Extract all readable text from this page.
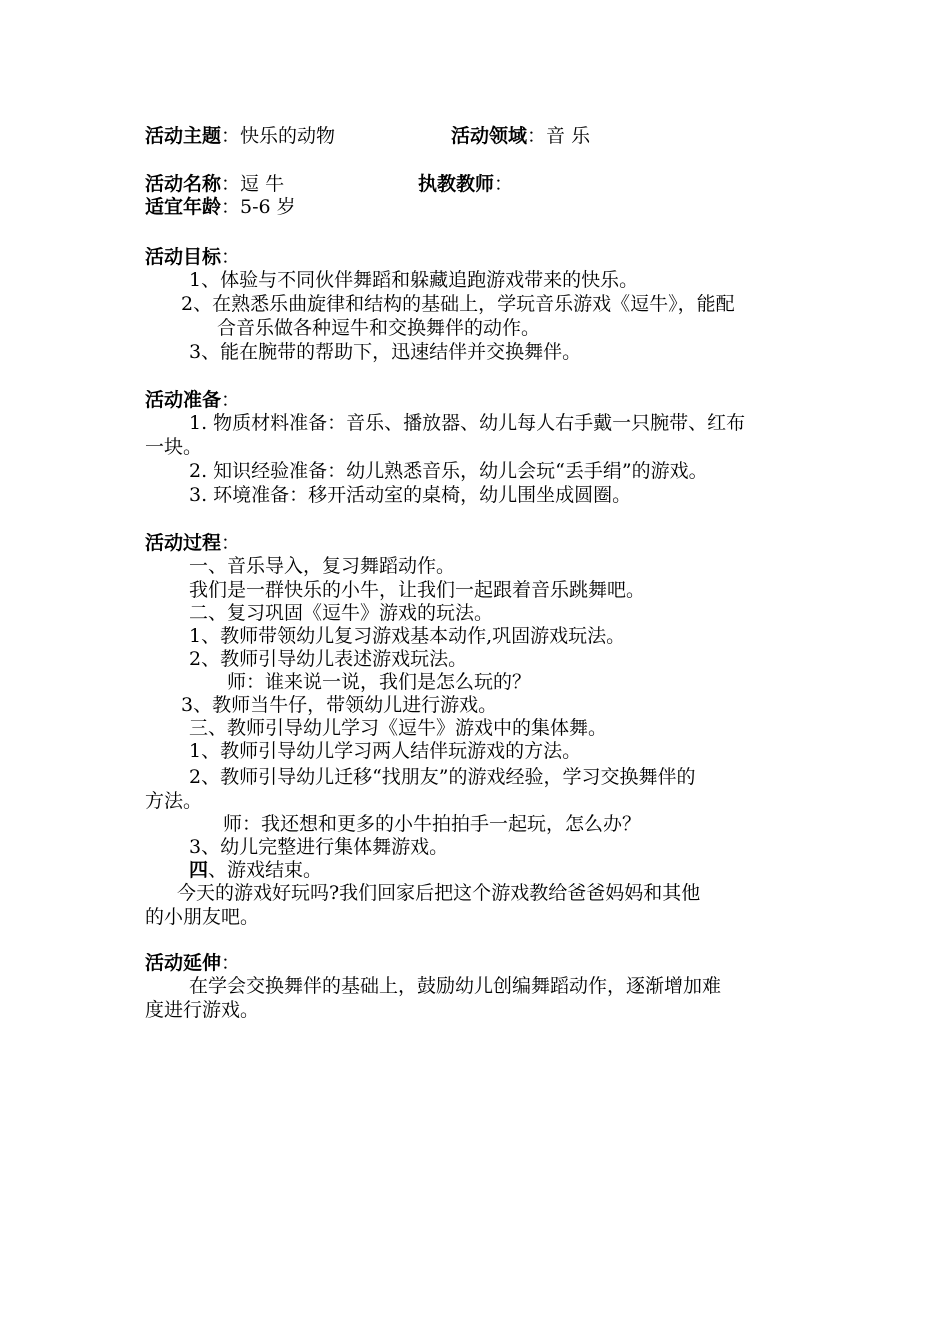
活动主题：快乐的动物	活动领域：音 乐
活动名称：逗 牛	执教教师：
适宜年龄：5-6 岁
活动目标：
1、体验与不同伙伴舞蹈和躲藏追跑游戏带来的快乐。
2、在熟悉乐曲旋律和结构的基础上，学玩音乐游戏《逗牛》，能配
合音乐做各种逗牛和交换舞伴的动作。
3、能在腕带的帮助下，迅速结伴并交换舞伴。
活动准备：
1. 物质材料准备：音乐、播放器、幼儿每人右手戴一只腕带、红布
一块。
2. 知识经验准备：幼儿熟悉音乐，幼儿会玩“丢手绢”的游戏。
3. 环境准备：移开活动室的桌椅，幼儿围坐成圆圈。
活动过程：
一、音乐导入，复习舞蹈动作。
我们是一群快乐的小牛，让我们一起跟着音乐跳舞吧。
二、复习巩固《逗牛》游戏的玩法。
1、教师带领幼儿复习游戏基本动作,巩固游戏玩法。
2、教师引导幼儿表述游戏玩法。
师：谁来说一说，我们是怎么玩的？
3、教师当牛仔，带领幼儿进行游戏。
三、教师引导幼儿学习《逗牛》游戏中的集体舞。
1、教师引导幼儿学习两人结伴玩游戏的方法。
2、教师引导幼儿迁移“找朋友”的游戏经验，学习交换舞伴的
方法。
师：我还想和更多的小牛拍拍手一起玩，怎么办？
3、幼儿完整进行集体舞游戏。
四、游戏结束。
今天的游戏好玩吗?我们回家后把这个游戏教给爸爸妈妈和其他
的小朋友吧。
活动延伸：
在学会交换舞伴的基础上，鼓励幼儿创编舞蹈动作，逐渐增加难
度进行游戏。
